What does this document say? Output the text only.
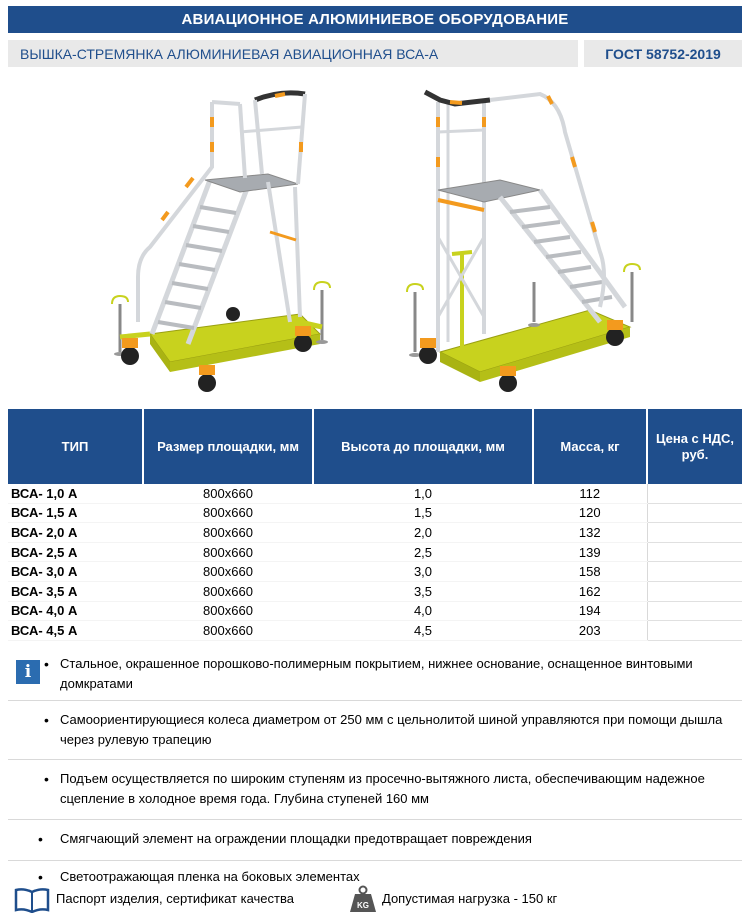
АВИАЦИОННОЕ АЛЮМИНИЕВОЕ ОБОРУДОВАНИЕ
ВЫШКА-СТРЕМЯНКА АЛЮМИНИЕВАЯ АВИАЦИОННАЯ ВСА-А	ГОСТ 58752-2019
ТИП	Размер площадки, мм	Высота до площадки, мм	Масса, кг	Цена с НДС, руб.
ВСА- 1,0 А	800х660	1,0	112	
ВСА- 1,5 А	800х660	1,5	120	
ВСА- 2,0 А	800х660	2,0	132	
ВСА- 2,5 А	800х660	2,5	139	
ВСА- 3,0 А	800х660	3,0	158	
ВСА- 3,5 А	800х660	3,5	162	
ВСА- 4,0 А	800х660	4,0	194	
ВСА- 4,5 А	800х660	4,5	203	
i • Стальное, окрашенное порошково-полимерным покрытием, нижнее основание, оснащенное винтовыми домкратами
• Самоориентирующиеся колеса диаметром от 250 мм с цельнолитой шиной управляются при помощи дышла через рулевую трапецию
• Подъем осуществляется по широким ступеням из просечно-вытяжного листа, обеспечивающим надежное сцепление в холодное время года. Глубина ступеней 160 мм
• Смягчающий элемент на ограждении площадки предотвращает повреждения
• Светоотражающая пленка на боковых элементах
Паспорт изделия, сертификат качества	KG Допустимая нагрузка - 150 кг
